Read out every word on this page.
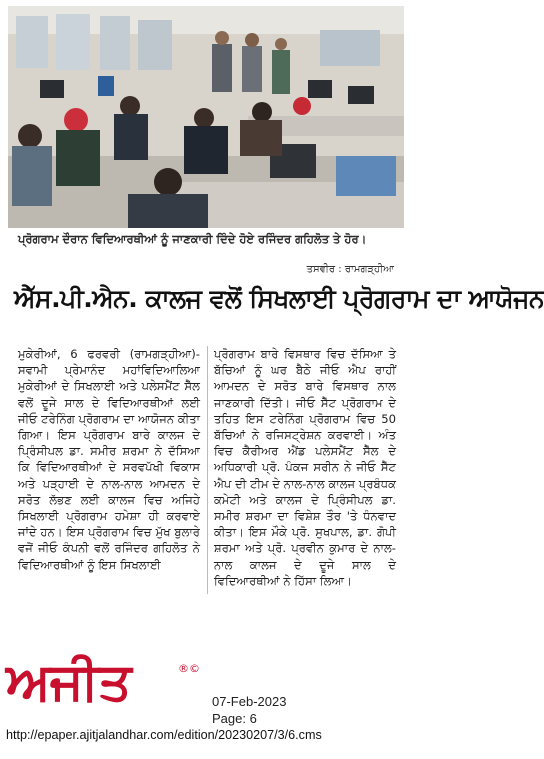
ਪ੍ਰੋਗਰਾਮ ਦੌਰਾਨ ਵਿਦਿਆਰਥੀਆਂ ਨੂੰ ਜਾਣਕਾਰੀ ਦਿੰਦੇ ਹੋਏ ਰਜਿੰਦਰ ਗਹਿਲੋਤ ਤੇ ਹੋਰ।
ਤਸਵੀਰ : ਰਾਮਗੜ੍ਹੀਆ
ਐੱਸ.ਪੀ.ਐਨ. ਕਾਲਜ ਵਲੋਂ ਸਿਖਲਾਈ ਪ੍ਰੋਗਰਾਮ ਦਾ ਆਯੋਜਨ
ਮੁਕੇਰੀਆਂ, 6 ਫਰਵਰੀ (ਰਾਮਗੜ੍ਹੀਆ)-ਸਵਾਮੀ ਪ੍ਰੇਮਾਨੰਦ ਮਹਾਂਵਿਦਿਆਲਿਆ ਮੁਕੇਰੀਆਂ ਦੇ ਸਿਖਲਾਈ ਅਤੇ ਪਲੇਸਮੈਂਟ ਸੈੱਲ ਵਲੋਂ ਦੂਜੇ ਸਾਲ ਦੇ ਵਿਦਿਆਰਥੀਆਂ ਲਈ ਜੀਓ ਟਰੇਨਿੰਗ ਪ੍ਰੋਗਰਾਮ ਦਾ ਆਯੋਜਨ ਕੀਤਾ ਗਿਆ। ਇਸ ਪ੍ਰੋਗਰਾਮ ਬਾਰੇ ਕਾਲਜ ਦੇ ਪ੍ਰਿੰਸੀਪਲ ਡਾ. ਸਮੀਰ ਸ਼ਰਮਾ ਨੇ ਦੱਸਿਆ ਕਿ ਵਿਦਿਆਰਥੀਆਂ ਦੇ ਸਰਵਪੱਖੀ ਵਿਕਾਸ ਅਤੇ ਪੜ੍ਹਾਈ ਦੇ ਨਾਲ-ਨਾਲ ਆਮਦਨ ਦੇ ਸਰੋਤ ਲੱਭਣ ਲਈ ਕਾਲਜ ਵਿਚ ਅਜਿਹੇ ਸਿਖਲਾਈ ਪ੍ਰੋਗਰਾਮ ਹਮੇਸ਼ਾ ਹੀ ਕਰਵਾਏ ਜਾਂਦੇ ਹਨ। ਇਸ ਪ੍ਰੋਗਰਾਮ ਵਿਚ ਮੁੱਖ ਬੁਲਾਰੇ ਵਜੋਂ ਜੀਓ ਕੰਪਨੀ ਵਲੋਂ ਰਜਿੰਦਰ ਗਹਿਲੋਤ ਨੇ ਵਿਦਿਆਰਥੀਆਂ ਨੂੰ ਇਸ ਸਿਖਲਾਈ
ਪ੍ਰੋਗਰਾਮ ਬਾਰੇ ਵਿਸਥਾਰ ਵਿਚ ਦੱਸਿਆ ਤੇ ਬੱਚਿਆਂ ਨੂੰ ਘਰ ਬੈਠੇ ਜੀਓ ਐਪ ਰਾਹੀਂ ਆਮਦਨ ਦੇ ਸਰੋਤ ਬਾਰੇ ਵਿਸਥਾਰ ਨਾਲ ਜਾਣਕਾਰੀ ਦਿੱਤੀ। ਜੀਓ ਸੈੱਟ ਪ੍ਰੋਗਰਾਮ ਦੇ ਤਹਿਤ ਇਸ ਟਰੇਨਿੰਗ ਪ੍ਰੋਗਰਾਮ ਵਿਚ 50 ਬੱਚਿਆਂ ਨੇ ਰਜਿਸਟ੍ਰੇਸ਼ਨ ਕਰਵਾਈ। ਅੰਤ ਵਿਚ ਕੈਰੀਅਰ ਐਂਡ ਪਲੇਸਮੈਂਟ ਸੈੱਲ ਦੇ ਅਧਿਕਾਰੀ ਪ੍ਰੋ. ਪੰਕਜ ਸਰੀਨ ਨੇ ਜੀਓ ਸੈੱਟ ਐਪ ਦੀ ਟੀਮ ਦੇ ਨਾਲ-ਨਾਲ ਕਾਲਜ ਪ੍ਰਬੰਧਕ ਕਮੇਟੀ ਅਤੇ ਕਾਲਜ ਦੇ ਪ੍ਰਿੰਸੀਪਲ ਡਾ. ਸਮੀਰ ਸ਼ਰਮਾ ਦਾ ਵਿਸ਼ੇਸ਼ ਤੌਰ 'ਤੇ ਧੰਨਵਾਦ ਕੀਤਾ। ਇਸ ਮੌਕੇ ਪ੍ਰੋ. ਸੁਖਪਾਲ, ਡਾ. ਗੋਪੀ ਸ਼ਰਮਾ ਅਤੇ ਪ੍ਰੋ. ਪ੍ਰਵੀਨ ਕੁਮਾਰ ਦੇ ਨਾਲ-ਨਾਲ ਕਾਲਜ ਦੇ ਦੂਜੇ ਸਾਲ ਦੇ ਵਿਦਿਆਰਥੀਆਂ ਨੇ ਹਿੱਸਾ ਲਿਆ।
ਅਜੀਤ	®©
07-Feb-2023
Page: 6
http://epaper.ajitjalandhar.com/edition/20230207/3/6.cms
